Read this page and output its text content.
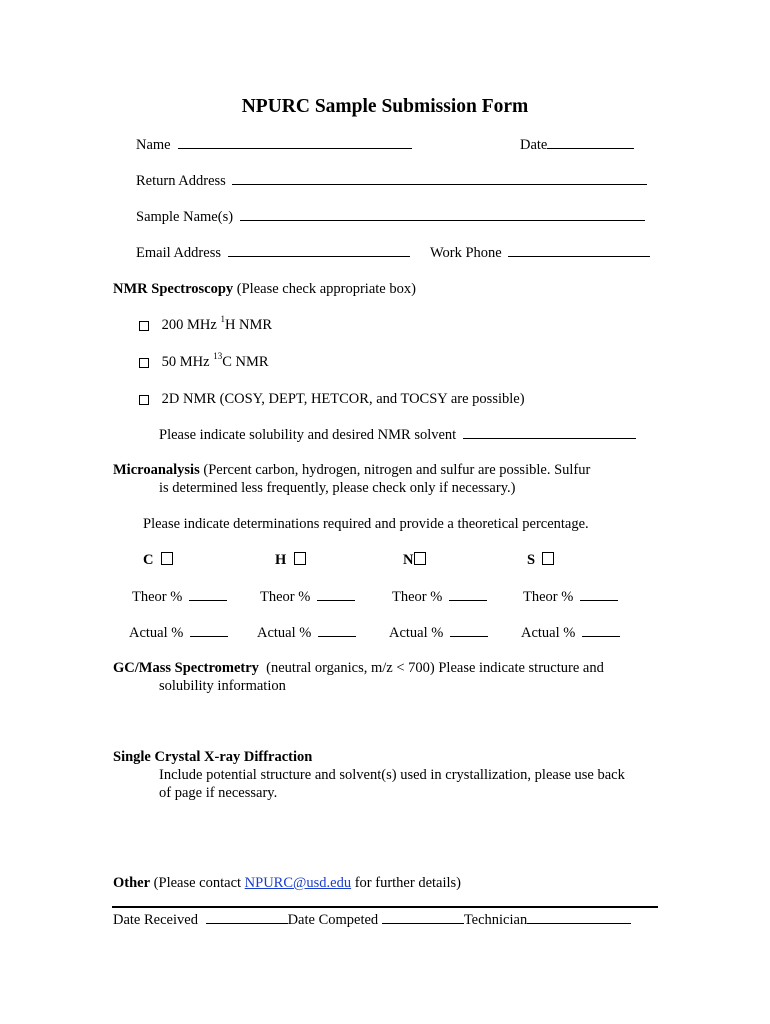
NPURC Sample Submission Form
Name	Date
Return Address
Sample Name(s)
Email Address	Work Phone
NMR Spectroscopy (Please check appropriate box)
200 MHz $^1$H NMR
50 MHz $^{13}$C NMR
2D NMR (COSY, DEPT, HETCOR, and TOCSY are possible)
Please indicate solubility and desired NMR solvent
Microanalysis (Percent carbon, hydrogen, nitrogen and sulfur are possible. Sulfur
is determined less frequently, please check only if necessary.)
Please indicate determinations required and provide a theoretical percentage.
C	H	N	S
Theor %	Theor %	Theor %	Theor %
Actual %	Actual %	Actual %	Actual %
GC/Mass Spectrometry (neutral organics, m/z < 700) Please indicate structure and
solubility information
Single Crystal X-ray Diffraction
Include potential structure and solvent(s) used in crystallization, please use back
of page if necessary.
Other (Please contact NPURC@usd.edu for further details)
Date Received	Date Competed	Technician
